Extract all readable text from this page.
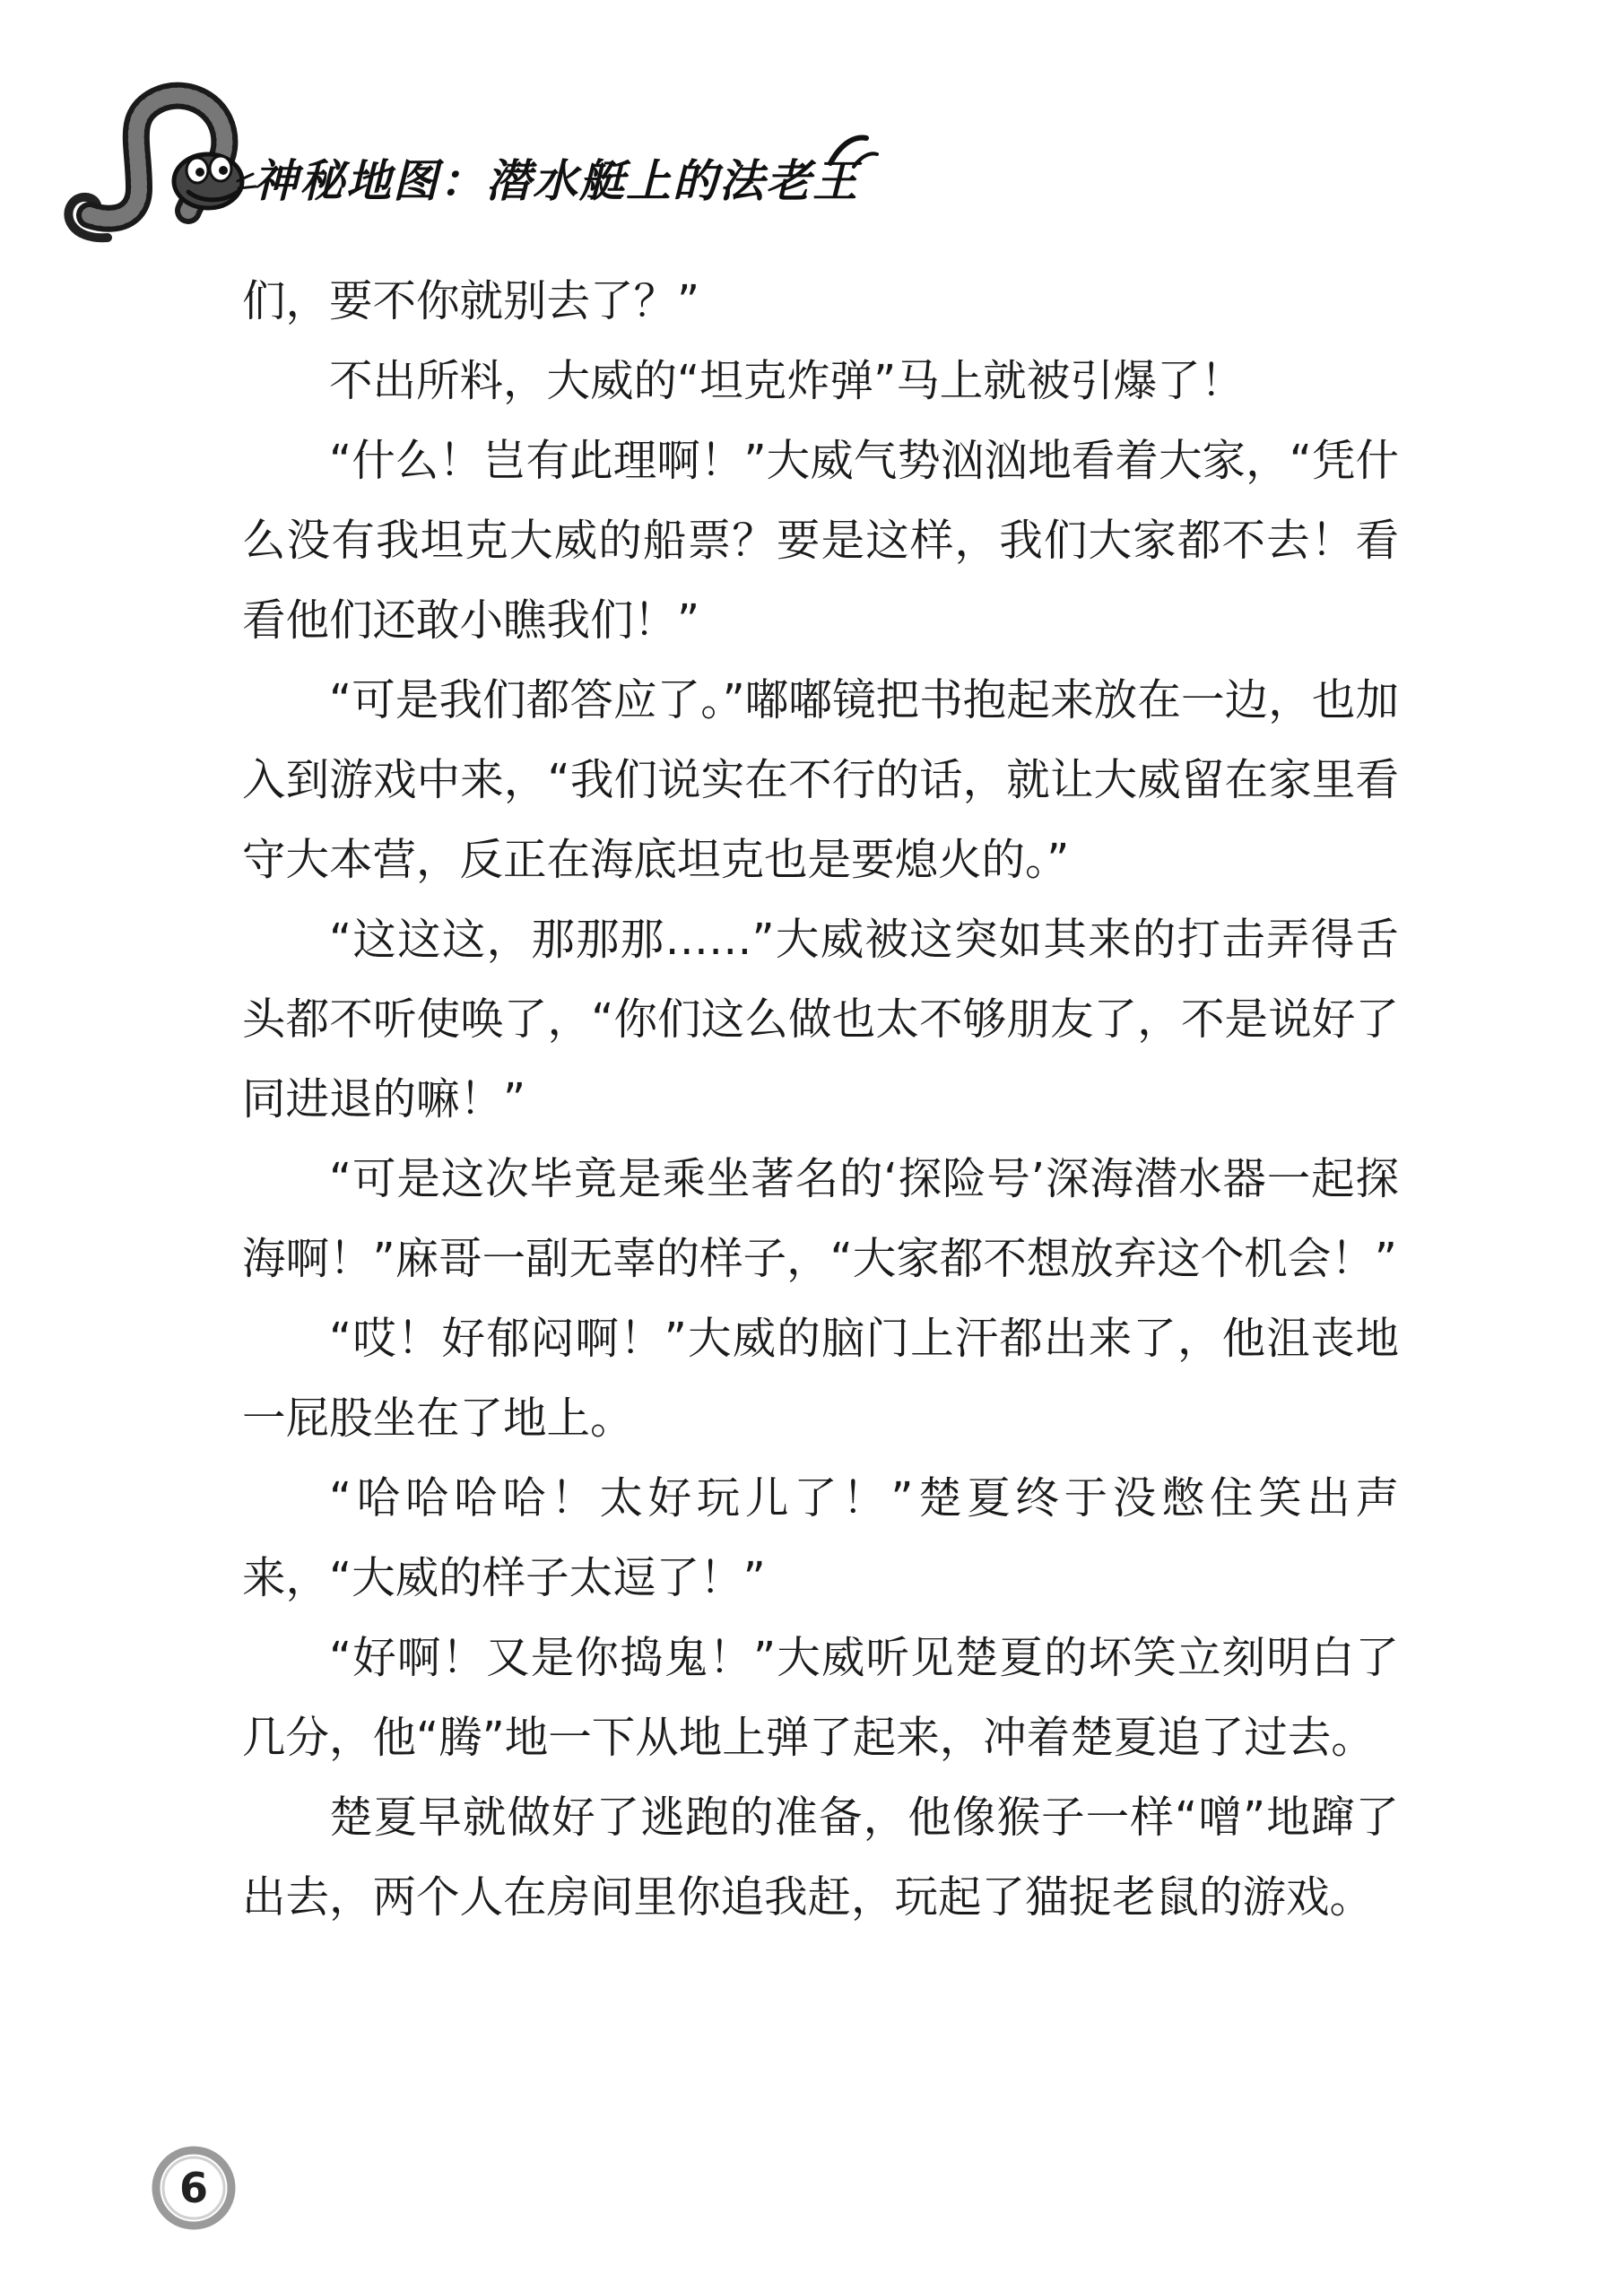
神秘地图：潜水艇上的法老王

们，要不你就别去了？”

不出所料，大威的“坦克炸弹”马上就被引爆了！

“什么！岂有此理啊！”大威气势汹汹地看着大家，“凭什么没有我坦克大威的船票？要是这样，我们大家都不去！看看他们还敢小瞧我们！”

“可是我们都答应了。”嘟嘟镜把书抱起来放在一边，也加入到游戏中来，“我们说实在不行的话，就让大威留在家里看守大本营，反正在海底坦克也是要熄火的。”

“这这这，那那那……”大威被这突如其来的打击弄得舌头都不听使唤了，“你们这么做也太不够朋友了，不是说好了同进退的嘛！”

“可是这次毕竟是乘坐著名的‘探险号’深海潜水器一起探海啊！”麻哥一副无辜的样子，“大家都不想放弃这个机会！”

“哎！好郁闷啊！”大威的脑门上汗都出来了，他沮丧地一屁股坐在了地上。

“哈哈哈哈！太好玩儿了！”楚夏终于没憋住笑出声来，“大威的样子太逗了！”

“好啊！又是你捣鬼！”大威听见楚夏的坏笑立刻明白了几分，他“腾”地一下从地上弹了起来，冲着楚夏追了过去。

楚夏早就做好了逃跑的准备，他像猴子一样“噌”地蹿了出去，两个人在房间里你追我赶，玩起了猫捉老鼠的游戏。

6
